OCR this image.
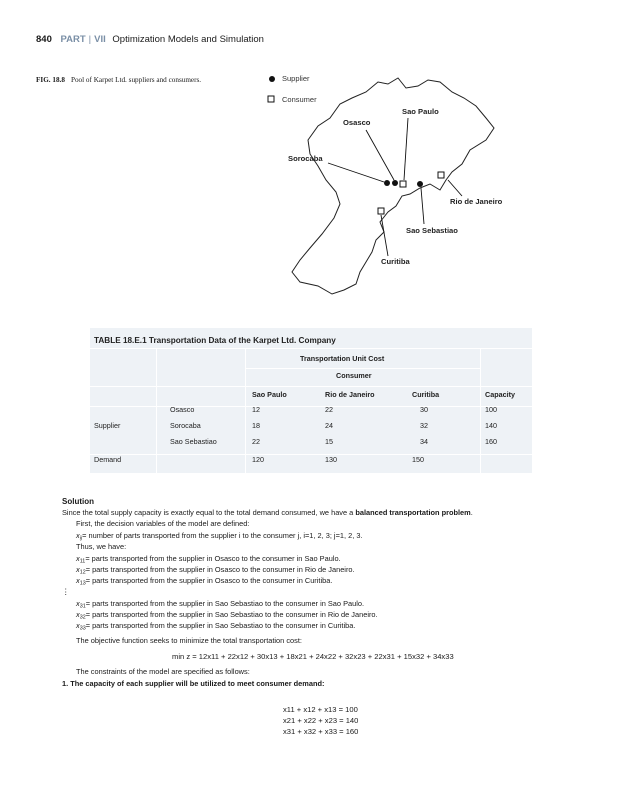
840 PART | VII Optimization Models and Simulation
FIG. 18.8 Pool of Karpet Ltd. suppliers and consumers.	Supplier
Consumer
Osasco
Sao Paulo
Sorocaba
Rio de Janeiro
Sao Sebastiao
Curitiba
TABLE 18.E.1 Transportation Data of the Karpet Ltd. Company
Transportation Unit Cost
Consumer
Sao Paulo	Rio de Janeiro	Curitiba	Capacity
Supplier
Osasco	12	22	30	100
Sorocaba	18	24	32	140
Sao Sebastiao	22	15	34	160
Demand	120	130	150
Solution
Since the total supply capacity is exactly equal to the total demand consumed, we have a balanced transportation problem.
First, the decision variables of the model are defined:
$x_{ij}=$ number of parts transported from the supplier i to the consumer j, i=1, 2, 3; j=1, 2, 3.
Thus, we have:
$x_{11}=$ parts transported from the supplier in Osasco to the consumer in Sao Paulo.
$x_{12}=$ parts transported from the supplier in Osasco to the consumer in Rio de Janeiro.
$x_{13}=$ parts transported from the supplier in Osasco to the consumer in Curitiba.
⋮
$x_{31}=$ parts transported from the supplier in Sao Sebastiao to the consumer in Sao Paulo.
$x_{32}=$ parts transported from the supplier in Sao Sebastiao to the consumer in Rio de Janeiro.
$x_{33}=$ parts transported from the supplier in Sao Sebastiao to the consumer in Curitiba.
The objective function seeks to minimize the total transportation cost:
min z = 12x11 + 22x12 + 30x13 + 18x21 + 24x22 + 32x23 + 22x31 + 15x32 + 34x33
The constraints of the model are specified as follows:
1. The capacity of each supplier will be utilized to meet consumer demand:
x11 + x12 + x13 = 100
x21 + x22 + x23 = 140
x31 + x32 + x33 = 160
